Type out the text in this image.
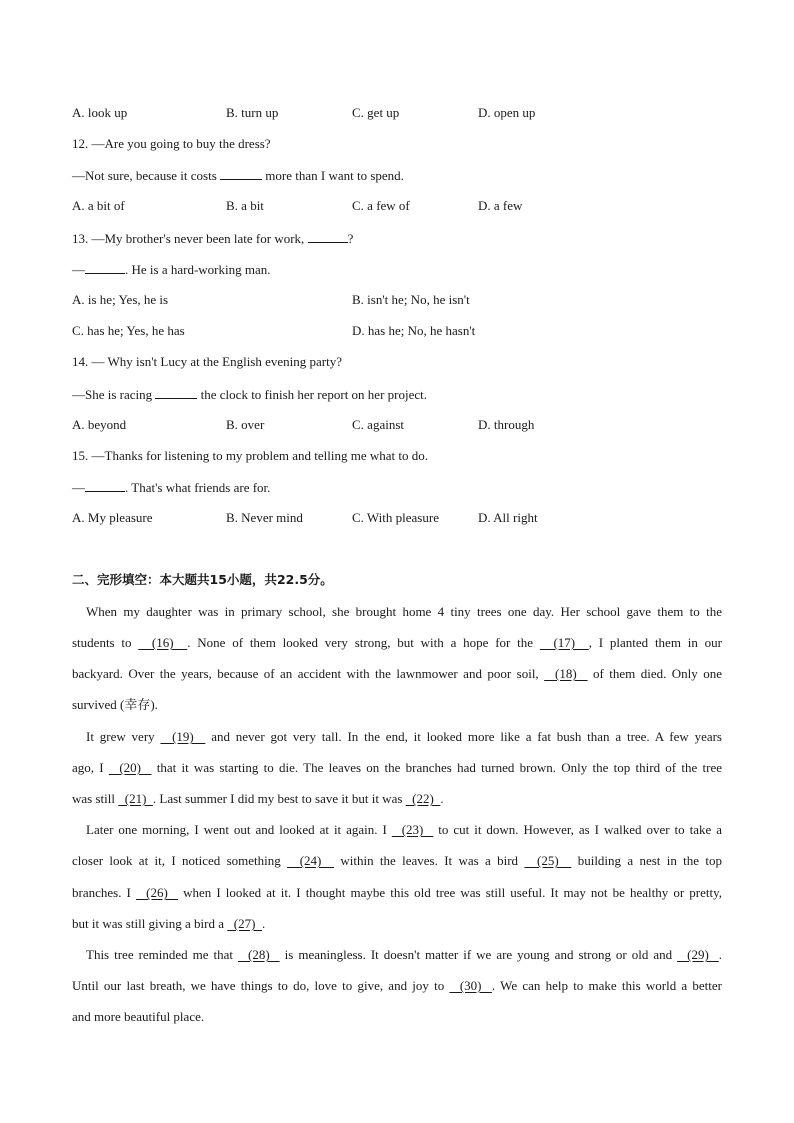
A. look up	B. turn up	C. get up	D. open up
12. —Are you going to buy the dress?
—Not sure, because it costs	more than I want to spend.
A. a bit of	B. a bit	C. a few of	D. a few
13. —My brother's never been late for work,	?
—	. He is a hard-working man.
A. is he; Yes, he is	B. isn't he; No, he isn't
C. has he; Yes, he has	D. has he; No, he hasn't
14. — Why isn't Lucy at the English evening party?
—She is racing	the clock to finish her report on her project.
A. beyond	B. over	C. against	D. through
15. —Thanks for listening to my problem and telling me what to do.
—	. That's what friends are for.
A. My pleasure	B. Never mind	C. With pleasure	D. All right
二、完形填空：本大题共15小题，共22.5分。
When my daughter was in primary school, she brought home 4 tiny trees one day. Her school gave them to the
students to   (16)  . None of them looked very strong, but with a hope for the   (17)  , I planted them in our
backyard. Over the years, because of an accident with the lawnmower and poor soil,   (18)   of them died. Only one
survived (幸存).
It grew very   (19)   and never got very tall. In the end, it looked more like a fat bush than a tree. A few years
ago, I   (20)   that it was starting to die. The leaves on the branches had turned brown. Only the top third of the tree
was still   (21)  . Last summer I did my best to save it but it was   (22)  .
Later one morning, I went out and looked at it again. I   (23)   to cut it down. However, as I walked over to take a
closer look at it, I noticed something   (24)   within the leaves. It was a bird   (25)   building a nest in the top
branches. I   (26)   when I looked at it. I thought maybe this old tree was still useful. It may not be healthy or pretty,
but it was still giving a bird a   (27)  .
This tree reminded me that   (28)   is meaningless. It doesn't matter if we are young and strong or old and   (29)  .
Until our last breath, we have things to do, love to give, and joy to   (30)  . We can help to make this world a better
and more beautiful place.
